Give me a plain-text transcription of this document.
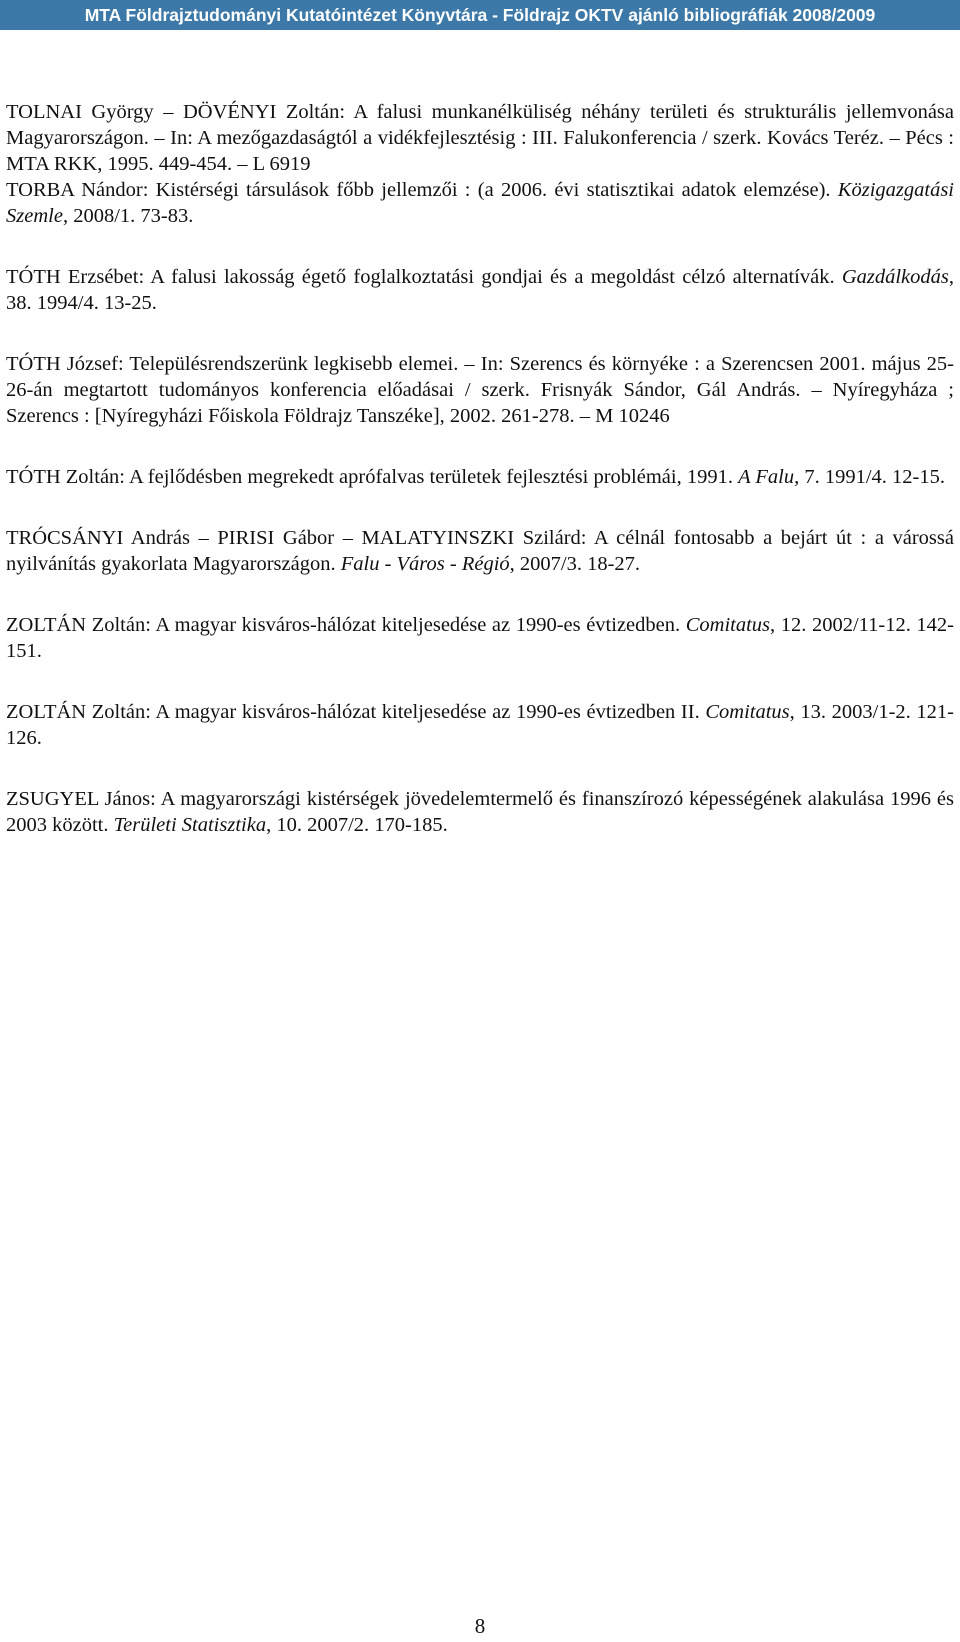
MTA Földrajztudományi Kutatóintézet Könyvtára - Földrajz OKTV ajánló bibliográfiák 2008/2009

TOLNAI György – DÖVÉNYI Zoltán: A falusi munkanélküliség néhány területi és strukturális jellemvonása Magyarországon. – In: A mezőgazdaságtól a vidékfejlesztésig : III. Falukonferencia / szerk. Kovács Teréz. – Pécs : MTA RKK, 1995. 449-454. – L 6919

TORBA Nándor: Kistérségi társulások főbb jellemzői : (a 2006. évi statisztikai adatok elemzése). Közigazgatási Szemle, 2008/1. 73-83.

TÓTH Erzsébet: A falusi lakosság égető foglalkoztatási gondjai és a megoldást célzó alternatívák. Gazdálkodás, 38. 1994/4. 13-25.

TÓTH József: Településrendszerünk legkisebb elemei. – In: Szerencs és környéke : a Szerencsen 2001. május 25-26-án megtartott tudományos konferencia előadásai / szerk. Frisnyák Sándor, Gál András. – Nyíregyháza ; Szerencs : [Nyíregyházi Főiskola Földrajz Tanszéke], 2002. 261-278. – M 10246

TÓTH Zoltán: A fejlődésben megrekedt aprófalvas területek fejlesztési problémái, 1991. A Falu, 7. 1991/4. 12-15.

TRÓCSÁNYI András – PIRISI Gábor – MALATYINSZKI Szilárd: A célnál fontosabb a bejárt út : a várossá nyilvánítás gyakorlata Magyarországon. Falu - Város - Régió, 2007/3. 18-27.

ZOLTÁN Zoltán: A magyar kisváros-hálózat kiteljesedése az 1990-es évtizedben. Comitatus, 12. 2002/11-12. 142-151.

ZOLTÁN Zoltán: A magyar kisváros-hálózat kiteljesedése az 1990-es évtizedben II. Comitatus, 13. 2003/1-2. 121-126.

ZSUGYEL János: A magyarországi kistérségek jövedelemtermelő és finanszírozó képességének alakulása 1996 és 2003 között. Területi Statisztika, 10. 2007/2. 170-185.

8
